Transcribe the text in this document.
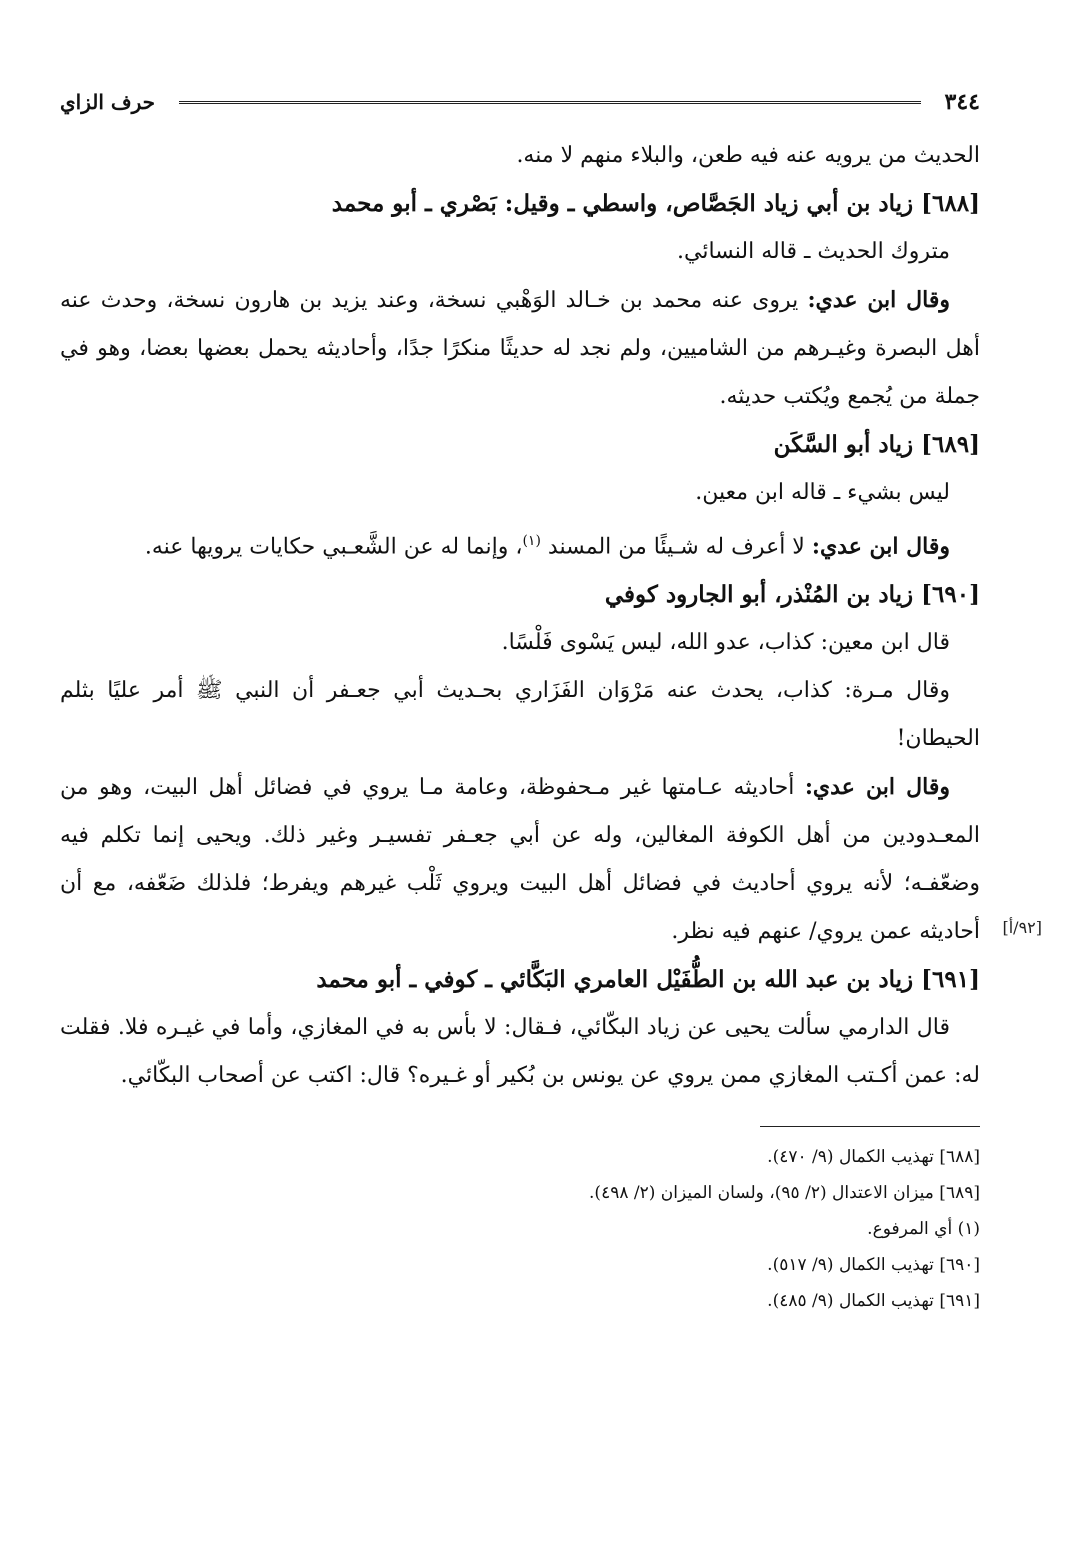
٣٤٤
حرف الزاي

الحديث من يرويه عنه فيه طعن، والبلاء منهم لا منه.

[٦٨٨] زياد بن أبي زياد الجَصَّاص، واسطي ـ وقيل: بَصْري ـ أبو محمد

متروك الحديث ـ قاله النسائي.

وقال ابن عدي: يروى عنه محمد بن خـالد الوَهْبي نسخة، وعند يزيد بن هارون نسخة، وحدث عنه أهل البصرة وغيـرهم من الشاميين، ولم نجد له حديثًا منكرًا جدًا، وأحاديثه يحمل بعضها بعضا، وهو في جملة من يُجمع ويُكتب حديثه.

[٦٨٩] زياد أبو السَّكَن

ليس بشيء ـ قاله ابن معين.

وقال ابن عدي: لا أعرف له شـيئًا من المسند $^{(١)}$، وإنما له عن الشَّعـبي حكايات يرويها عنه.

[٦٩٠] زياد بن المُنْذر، أبو الجارود كوفي

قال ابن معين: كذاب، عدو الله، ليس يَسْوى فَلْسًا.

وقال مـرة: كذاب، يحدث عنه مَرْوَان الفَزَاري بحـديث أبي جعـفر أن النبي ﷺ أمر عليًا بثلم الحيطان!

وقال ابن عدي: أحاديثه عـامتها غير مـحفوظة، وعامة مـا يروي في فضائل أهل البيت، وهو من المعـدودين من أهل الكوفة المغالين، وله عن أبي جعـفر تفسيـر وغير ذلك. ويحيى إنما تكلم فيه وضعّفـه؛ لأنه يروي أحاديث في فضائل أهل البيت ويروي ثَلْب غيرهم ويفرط؛ فلذلك ضَعّفه، مع أن أحاديثه عمن يروي/ عنهم فيه نظر.	[٩٢/أ]

[٦٩١] زياد بن عبد الله بن الطُّفَيْل العامري البَكَّائي ـ كوفي ـ أبو محمد

قال الدارمي سألت يحيى عن زياد البكّائي، فـقال: لا بأس به في المغازي، وأما في غيـره فلا. فقلت له: عمن أكـتب المغازي ممن يروي عن يونس بن بُكير أو غـيره؟ قال: اكتب عن أصحاب البكّائي.

[٦٨٨] تهذيب الكمال (٩/ ٤٧٠).

[٦٨٩] ميزان الاعتدال (٢/ ٩٥)، ولسان الميزان (٢/ ٤٩٨).

(١) أي المرفوع.

[٦٩٠] تهذيب الكمال (٩/ ٥١٧).

[٦٩١] تهذيب الكمال (٩/ ٤٨٥).
